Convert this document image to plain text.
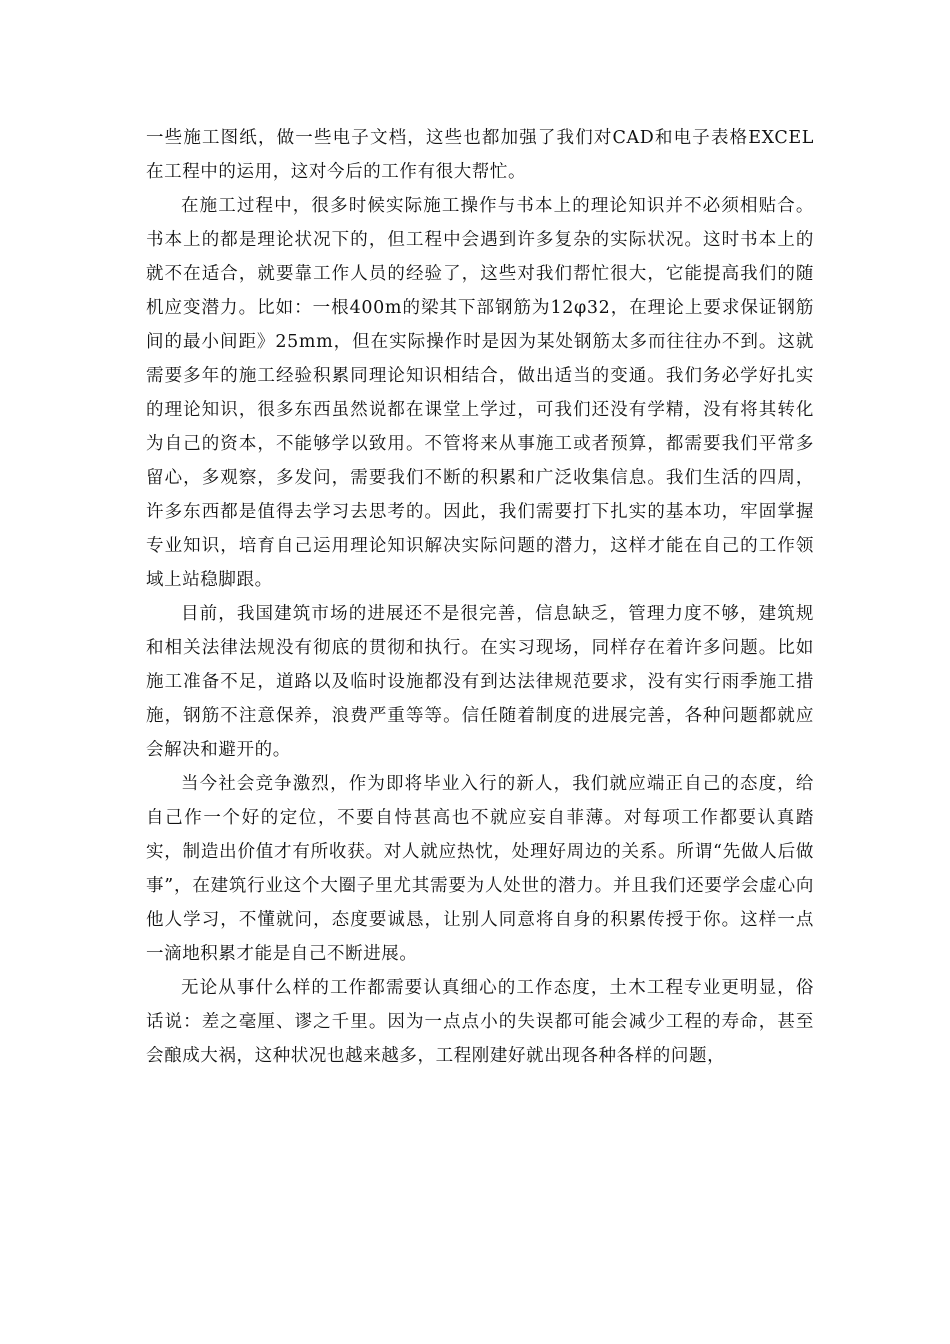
一些施工图纸，做一些电子文档，这些也都加强了我们对CAD和电子表格EXCEL在工程中的运用，这对今后的工作有很大帮忙。

在施工过程中，很多时候实际施工操作与书本上的理论知识并不必须相贴合。书本上的都是理论状况下的，但工程中会遇到许多复杂的实际状况。这时书本上的就不在适合，就要靠工作人员的经验了，这些对我们帮忙很大，它能提高我们的随机应变潜力。比如：一根400m的梁其下部钢筋为12φ32，在理论上要求保证钢筋间的最小间距》25mm，但在实际操作时是因为某处钢筋太多而往往办不到。这就需要多年的施工经验积累同理论知识相结合，做出适当的变通。我们务必学好扎实的理论知识，很多东西虽然说都在课堂上学过，可我们还没有学精，没有将其转化为自己的资本，不能够学以致用。不管将来从事施工或者预算，都需要我们平常多留心，多观察，多发问，需要我们不断的积累和广泛收集信息。我们生活的四周，许多东西都是值得去学习去思考的。因此，我们需要打下扎实的基本功，牢固掌握专业知识，培育自己运用理论知识解决实际问题的潜力，这样才能在自己的工作领域上站稳脚跟。

目前，我国建筑市场的进展还不是很完善，信息缺乏，管理力度不够，建筑规和相关法律法规没有彻底的贯彻和执行。在实习现场，同样存在着许多问题。比如施工准备不足，道路以及临时设施都没有到达法律规范要求，没有实行雨季施工措施，钢筋不注意保养，浪费严重等等。信任随着制度的进展完善，各种问题都就应会解决和避开的。

当今社会竞争激烈，作为即将毕业入行的新人，我们就应端正自己的态度，给自己作一个好的定位，不要自恃甚高也不就应妄自菲薄。对每项工作都要认真踏实，制造出价值才有所收获。对人就应热忱，处理好周边的关系。所谓“先做人后做事”，在建筑行业这个大圈子里尤其需要为人处世的潜力。并且我们还要学会虚心向他人学习，不懂就问，态度要诚恳，让别人同意将自身的积累传授于你。这样一点一滴地积累才能是自己不断进展。

无论从事什么样的工作都需要认真细心的工作态度，土木工程专业更明显，俗话说：差之毫厘、谬之千里。因为一点点小的失误都可能会减少工程的寿命，甚至会酿成大祸，这种状况也越来越多，工程刚建好就出现各种各样的问题，
